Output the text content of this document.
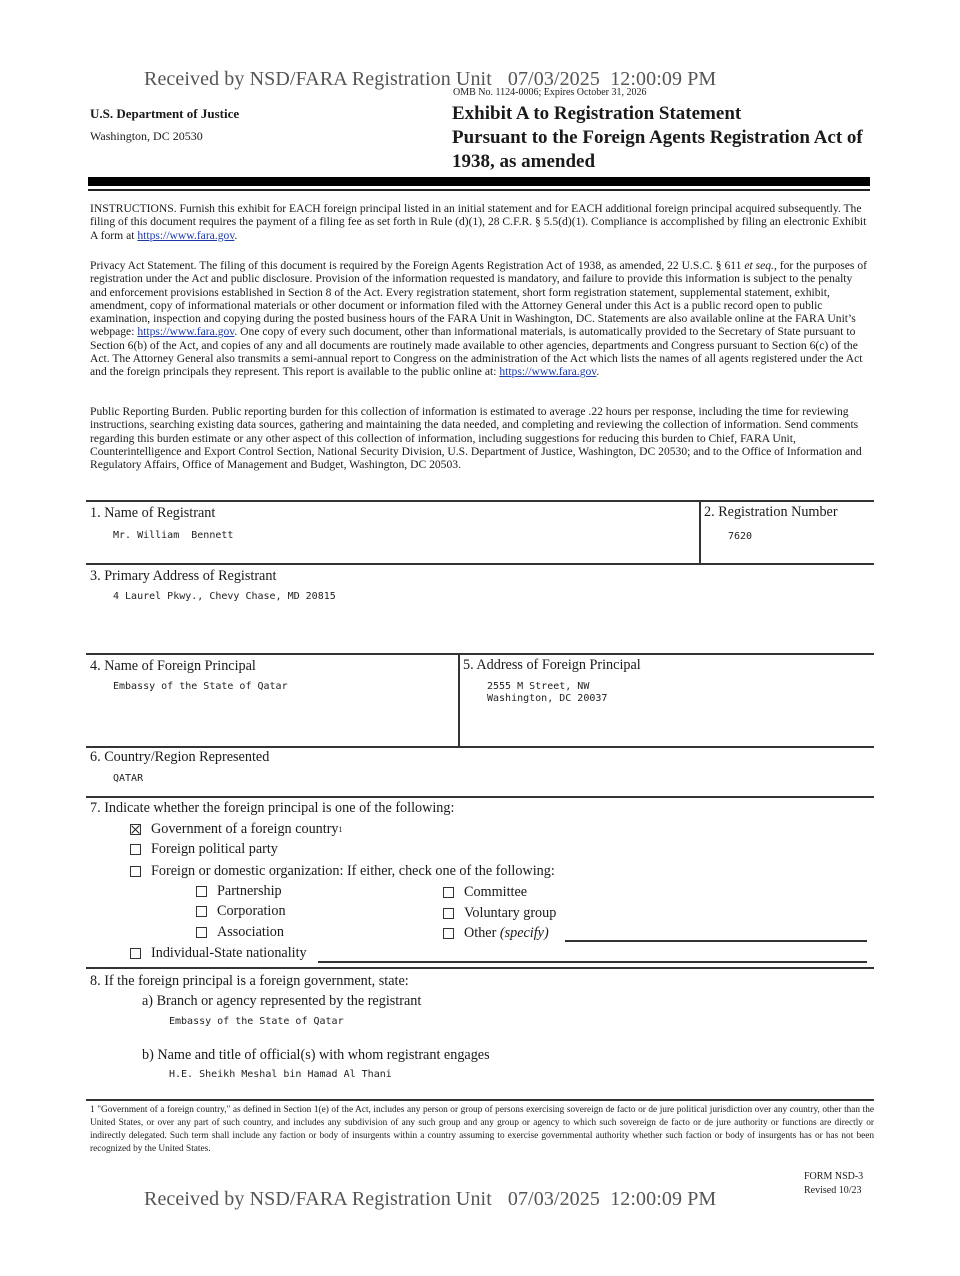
Received by NSD/FARA Registration Unit 07/03/2025 12:00:09 PM
OMB No. 1124-0006; Expires October 31, 2026
U.S. Department of Justice
Washington, DC 20530
Exhibit A to Registration Statement
Pursuant to the Foreign Agents Registration Act of
1938, as amended
INSTRUCTIONS. Furnish this exhibit for EACH foreign principal listed in an initial statement and for EACH additional foreign principal acquired subsequently. The filing of this document requires the payment of a filing fee as set forth in Rule (d)(1), 28 C.F.R. § 5.5(d)(1). Compliance is accomplished by filing an electronic Exhibit A form at https://www.fara.gov.
Privacy Act Statement. The filing of this document is required by the Foreign Agents Registration Act of 1938, as amended, 22 U.S.C. § 611 et seq., for the purposes of registration under the Act and public disclosure. Provision of the information requested is mandatory, and failure to provide this information is subject to the penalty and enforcement provisions established in Section 8 of the Act. Every registration statement, short form registration statement, supplemental statement, exhibit, amendment, copy of informational materials or other document or information filed with the Attorney General under this Act is a public record open to public examination, inspection and copying during the posted business hours of the FARA Unit in Washington, DC. Statements are also available online at the FARA Unit’s webpage: https://www.fara.gov. One copy of every such document, other than informational materials, is automatically provided to the Secretary of State pursuant to Section 6(b) of the Act, and copies of any and all documents are routinely made available to other agencies, departments and Congress pursuant to Section 6(c) of the Act. The Attorney General also transmits a semi-annual report to Congress on the administration of the Act which lists the names of all agents registered under the Act and the foreign principals they represent. This report is available to the public online at: https://www.fara.gov.
Public Reporting Burden. Public reporting burden for this collection of information is estimated to average .22 hours per response, including the time for reviewing instructions, searching existing data sources, gathering and maintaining the data needed, and completing and reviewing the collection of information. Send comments regarding this burden estimate or any other aspect of this collection of information, including suggestions for reducing this burden to Chief, FARA Unit, Counterintelligence and Export Control Section, National Security Division, U.S. Department of Justice, Washington, DC 20530; and to the Office of Information and Regulatory Affairs, Office of Management and Budget, Washington, DC 20503.
1. Name of Registrant
Mr. William  Bennett
2. Registration Number
7620
3. Primary Address of Registrant
4 Laurel Pkwy., Chevy Chase, MD 20815
4. Name of Foreign Principal
Embassy of the State of Qatar
5. Address of Foreign Principal
2555 M Street, NW
Washington, DC 20037
6. Country/Region Represented
QATAR
7. Indicate whether the foreign principal is one of the following:
Government of a foreign country 1
Foreign political party
Foreign or domestic organization: If either, check one of the following:
Partnership
Corporation
Association
Committee
Voluntary group
Other
(specify)
Individual-State nationality
8. If the foreign principal is a foreign government, state:
a) Branch or agency represented by the registrant
Embassy of the State of Qatar
b) Name and title of official(s) with whom registrant engages
H.E. Sheikh Meshal bin Hamad Al Thani
1 "Government of a foreign country," as defined in Section 1(e) of the Act, includes any person or group of persons exercising sovereign de facto or de jure political jurisdiction over any country, other than the United States, or over any part of such country, and includes any subdivision of any such group and any group or agency to which such sovereign de facto or de jure authority or functions are directly or indirectly delegated. Such term shall include any faction or body of insurgents within a country assuming to exercise governmental authority whether such faction or body of insurgents has or has not been recognized by the United States.
FORM NSD-3
Revised 10/23
Received by NSD/FARA Registration Unit 07/03/2025 12:00:09 PM
